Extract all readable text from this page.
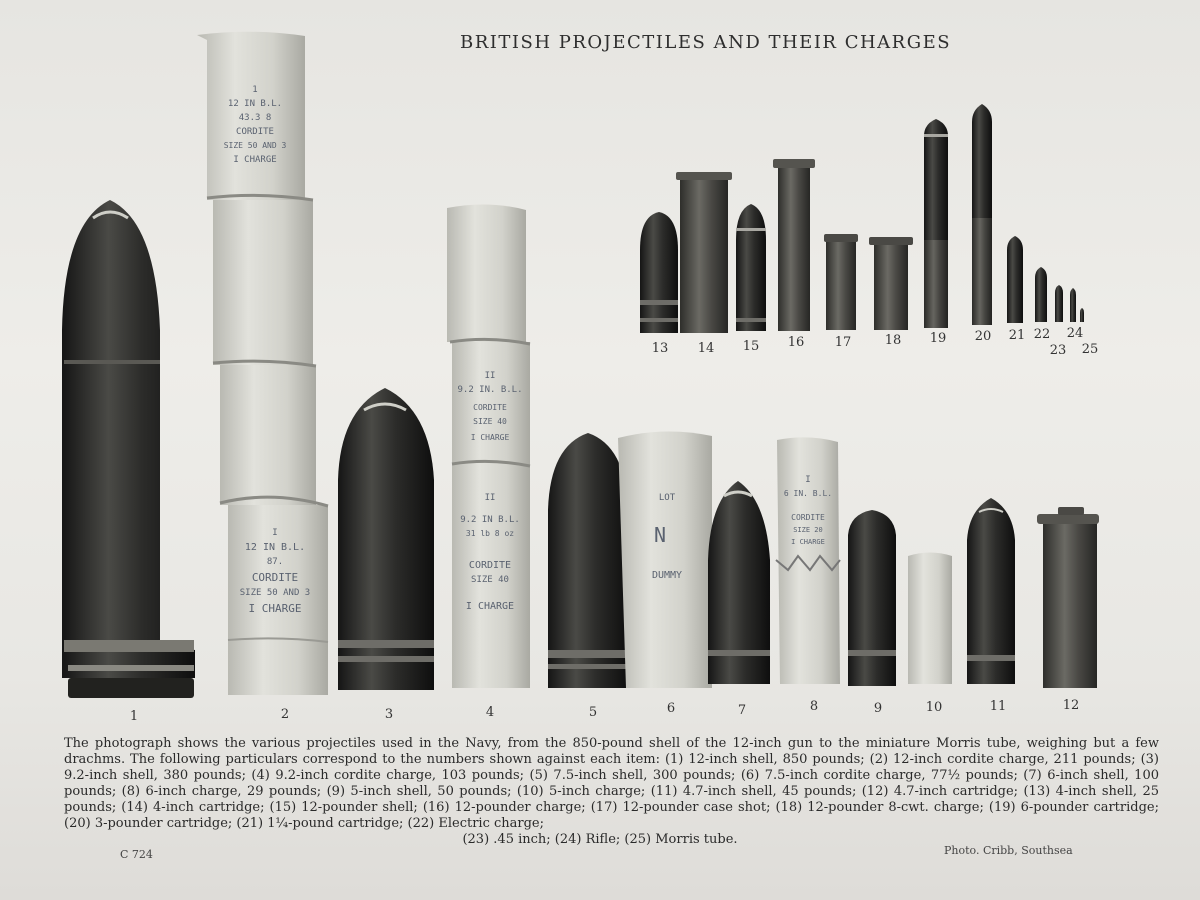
BRITISH PROJECTILES AND THEIR CHARGES
1
12 IN B.L.
43.3 8
CORDITE
SIZE 50 AND 3
I CHARGE
I
12 IN B.L.
87.
CORDITE
SIZE 50 AND 3
I CHARGE
II
9.2 IN. B.L.
CORDITE
SIZE 40
I CHARGE
II
9.2 IN B.L.
31 lb 8 oz
CORDITE
SIZE 40
I CHARGE
LOT
N
DUMMY
I
6 IN. B.L.
CORDITE
SIZE 20
I CHARGE
1	2	3	4	5	6	7	8	9	10	11	12
13 14 15 16 17	18 19 20 21 22
23
24
25
The photograph shows the various projectiles used in the Navy, from the 850-pound shell of the 12-inch gun to the miniature Morris tube, weighing but a few drachms. The following particulars correspond to the numbers shown against each item: (1) 12-inch shell, 850 pounds; (2) 12-inch cordite charge, 211 pounds; (3) 9.2-inch shell, 380 pounds; (4) 9.2-inch cordite charge, 103 pounds; (5) 7.5-inch shell, 300 pounds; (6) 7.5-inch cordite charge, 77½ pounds; (7) 6-inch shell, 100 pounds; (8) 6-inch charge, 29 pounds; (9) 5-inch shell, 50 pounds; (10) 5-inch charge; (11) 4.7-inch shell, 45 pounds; (12) 4.7-inch cartridge; (13) 4-inch shell, 25 pounds; (14) 4-inch cartridge; (15) 12-pounder shell; (16) 12-pounder charge; (17) 12-pounder case shot; (18) 12-pounder 8-cwt. charge; (19) 6-pounder cartridge; (20) 3-pounder cartridge; (21) 1¼-pound cartridge; (22) Electric charge;
(23) .45 inch; (24) Rifle; (25) Morris tube.
C 724	Photo. Cribb, Southsea
